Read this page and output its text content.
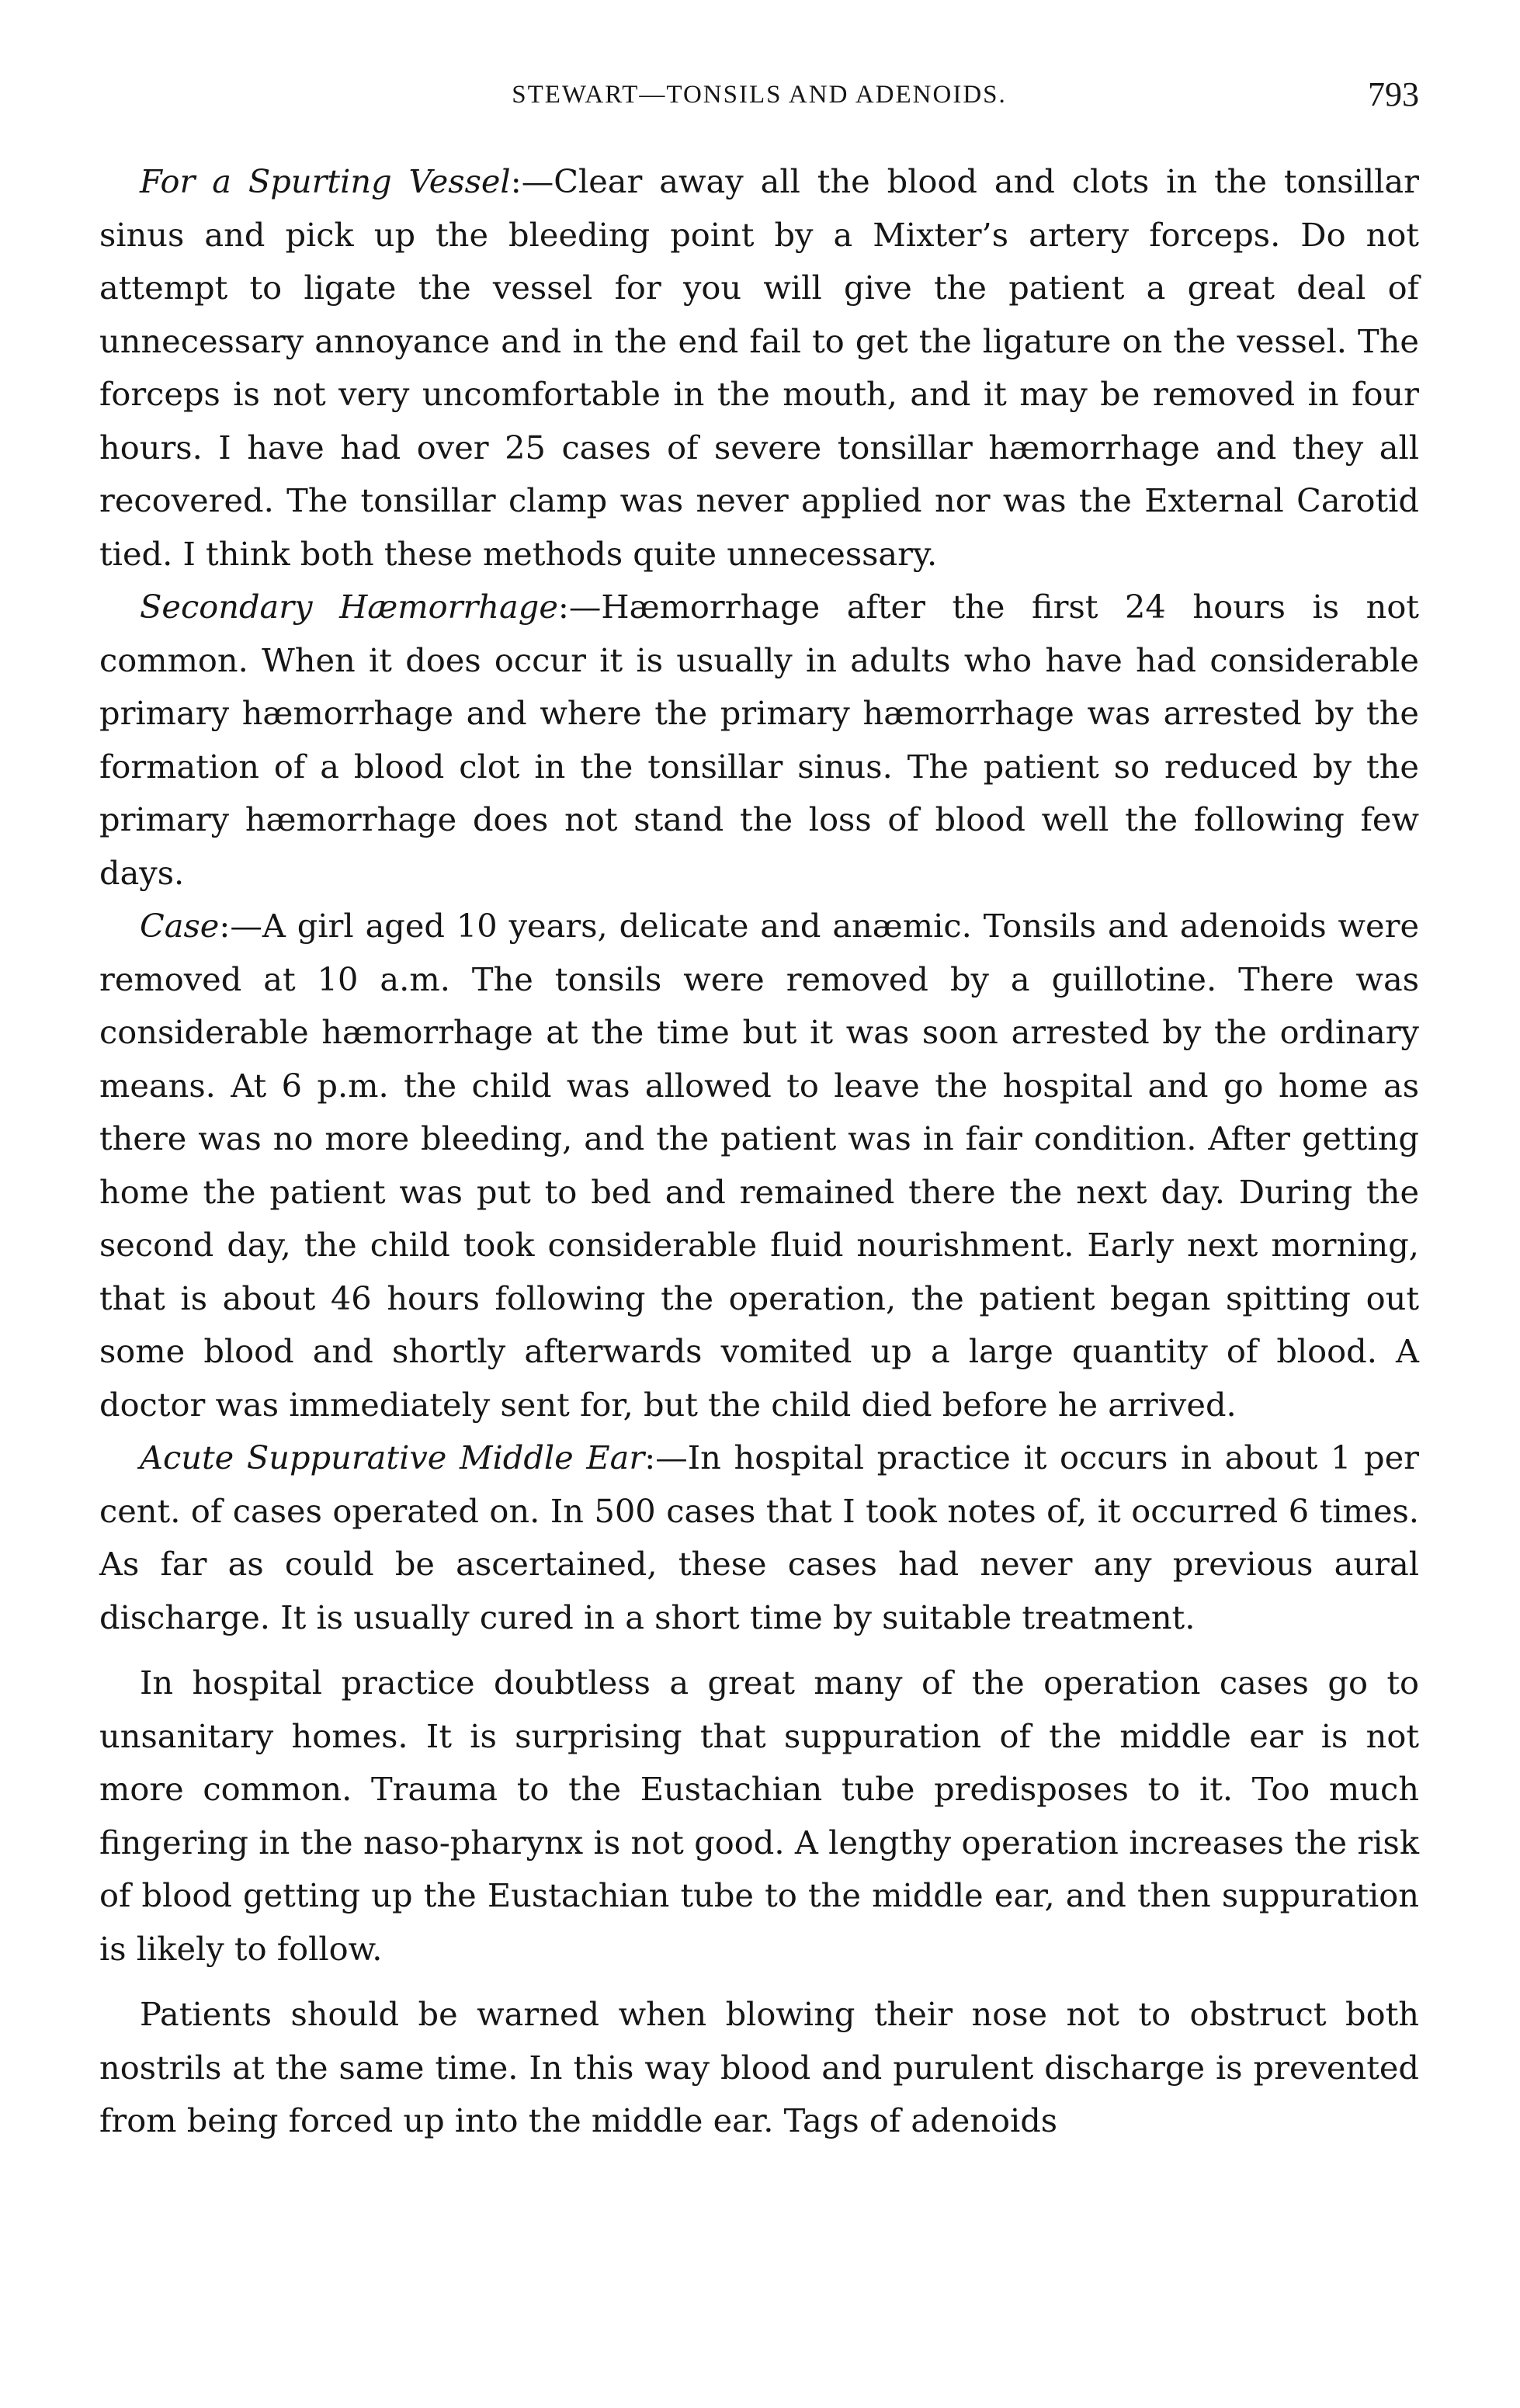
STEWART—TONSILS AND ADENOIDS.	793

For a Spurting Vessel:—Clear away all the blood and clots in the tonsillar sinus and pick up the bleeding point by a Mixter’s artery forceps. Do not attempt to ligate the vessel for you will give the patient a great deal of unnecessary annoyance and in the end fail to get the ligature on the vessel. The forceps is not very uncomfortable in the mouth, and it may be removed in four hours. I have had over 25 cases of severe tonsillar hæmorrhage and they all recovered. The tonsillar clamp was never applied nor was the External Carotid tied. I think both these methods quite unnecessary.

Secondary Hæmorrhage:—Hæmorrhage after the first 24 hours is not common. When it does occur it is usually in adults who have had considerable primary hæmorrhage and where the primary hæmorrhage was arrested by the formation of a blood clot in the tonsillar sinus. The patient so reduced by the primary hæmorrhage does not stand the loss of blood well the following few days.

Case:—A girl aged 10 years, delicate and anæmic. Tonsils and adenoids were removed at 10 a.m. The tonsils were removed by a guillotine. There was considerable hæmorrhage at the time but it was soon arrested by the ordinary means. At 6 p.m. the child was allowed to leave the hospital and go home as there was no more bleeding, and the patient was in fair condition. After getting home the patient was put to bed and remained there the next day. During the second day, the child took considerable fluid nourishment. Early next morning, that is about 46 hours following the operation, the patient began spitting out some blood and shortly afterwards vomited up a large quantity of blood. A doctor was immediately sent for, but the child died before he arrived.

Acute Suppurative Middle Ear:—In hospital practice it occurs in about 1 per cent. of cases operated on. In 500 cases that I took notes of, it occurred 6 times. As far as could be ascertained, these cases had never any previous aural discharge. It is usually cured in a short time by suitable treatment.

In hospital practice doubtless a great many of the operation cases go to unsanitary homes. It is surprising that suppuration of the middle ear is not more common. Trauma to the Eustachian tube predisposes to it. Too much fingering in the naso-pharynx is not good. A lengthy operation increases the risk of blood getting up the Eustachian tube to the middle ear, and then suppuration is likely to follow.

Patients should be warned when blowing their nose not to obstruct both nostrils at the same time. In this way blood and purulent discharge is prevented from being forced up into the middle ear. Tags of adenoids
